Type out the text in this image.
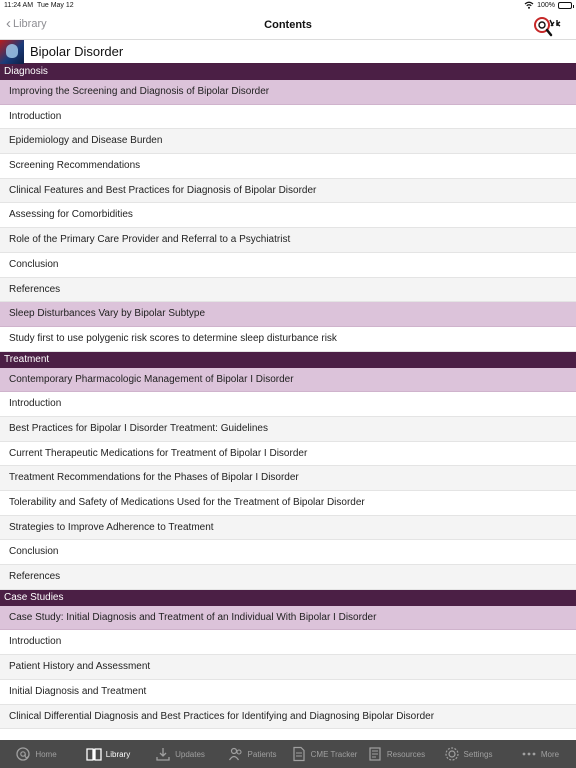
11:24 AM Tue May 12	100%
‹ Library	Contents
Bipolar Disorder
Diagnosis
Improving the Screening and Diagnosis of Bipolar Disorder
Introduction
Epidemiology and Disease Burden
Screening Recommendations
Clinical Features and Best Practices for Diagnosis of Bipolar Disorder
Assessing for Comorbidities
Role of the Primary Care Provider and Referral to a Psychiatrist
Conclusion
References
Sleep Disturbances Vary by Bipolar Subtype
Study first to use polygenic risk scores to determine sleep disturbance risk
Treatment
Contemporary Pharmacologic Management of Bipolar I Disorder
Introduction
Best Practices for Bipolar I Disorder Treatment: Guidelines
Current Therapeutic Medications for Treatment of Bipolar I Disorder
Treatment Recommendations for the Phases of Bipolar I Disorder
Tolerability and Safety of Medications Used for the Treatment of Bipolar Disorder
Strategies to Improve Adherence to Treatment
Conclusion
References
Case Studies
Case Study: Initial Diagnosis and Treatment of an Individual With Bipolar I Disorder
Introduction
Patient History and Assessment
Initial Diagnosis and Treatment
Clinical Differential Diagnosis and Best Practices for Identifying and Diagnosing Bipolar Disorder
Home	Library	Updates	Patients	CME Tracker	Resources	Settings	More
